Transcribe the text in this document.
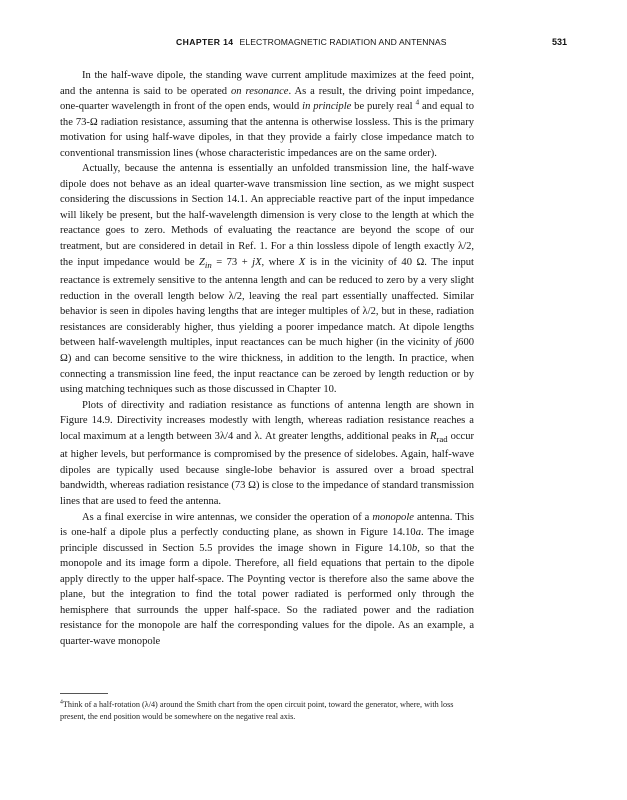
CHAPTER 14 ELECTROMAGNETIC RADIATION AND ANTENNAS	531

In the half-wave dipole, the standing wave current amplitude maximizes at the feed point, and the antenna is said to be operated on resonance. As a result, the driving point impedance, one-quarter wavelength in front of the open ends, would in principle be purely real $^4$ and equal to the 73-Ω radiation resistance, assuming that the antenna is otherwise lossless. This is the primary motivation for using half-wave dipoles, in that they provide a fairly close impedance match to conventional transmission lines (whose characteristic impedances are on the same order).

Actually, because the antenna is essentially an unfolded transmission line, the half-wave dipole does not behave as an ideal quarter-wave transmission line section, as we might suspect considering the discussions in Section 14.1. An appreciable reactive part of the input impedance will likely be present, but the half-wavelength dimension is very close to the length at which the reactance goes to zero. Methods of evaluating the reactance are beyond the scope of our treatment, but are considered in detail in Ref. 1. For a thin lossless dipole of length exactly λ/2, the input impedance would be $Z_{in} = 73$ + jX, where X is in the vicinity of 40 Ω. The input reactance is extremely sensitive to the antenna length and can be reduced to zero by a very slight reduction in the overall length below λ/2, leaving the real part essentially unaffected. Similar behavior is seen in dipoles having lengths that are integer multiples of λ/2, but in these, radiation resistances are considerably higher, thus yielding a poorer impedance match. At dipole lengths between half-wavelength multiples, input reactances can be much higher (in the vicinity of j600 Ω) and can become sensitive to the wire thickness, in addition to the length. In practice, when connecting a transmission line feed, the input reactance can be zeroed by length reduction or by using matching techniques such as those discussed in Chapter 10.

Plots of directivity and radiation resistance as functions of antenna length are shown in Figure 14.9. Directivity increases modestly with length, whereas radiation resistance reaches a local maximum at a length between 3λ/4 and λ. At greater lengths, additional peaks in $R_{rad}$ occur at higher levels, but performance is compromised by the presence of sidelobes. Again, half-wave dipoles are typically used because single-lobe behavior is assured over a broad spectral bandwidth, whereas radiation resistance (73 Ω) is close to the impedance of standard transmission lines that are used to feed the antenna.

As a final exercise in wire antennas, we consider the operation of a monopole antenna. This is one-half a dipole plus a perfectly conducting plane, as shown in Figure 14.10a. The image principle discussed in Section 5.5 provides the image shown in Figure 14.10b, so that the monopole and its image form a dipole. Therefore, all field equations that pertain to the dipole apply directly to the upper half-space. The Poynting vector is therefore also the same above the plane, but the integration to find the total power radiated is performed only through the hemisphere that surrounds the upper half-space. So the radiated power and the radiation resistance for the monopole are half the corresponding values for the dipole. As an example, a quarter-wave monopole

$^4$Think of a half-rotation (λ/4) around the Smith chart from the open circuit point, toward the generator, where, with loss present, the end position would be somewhere on the negative real axis.
